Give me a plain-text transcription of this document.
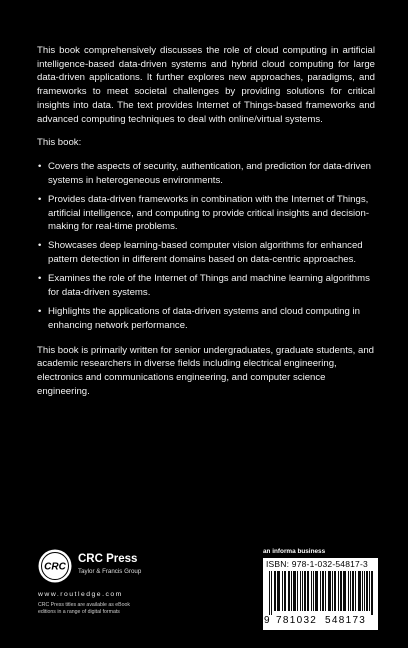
This book comprehensively discusses the role of cloud computing in artificial intelligence-based data-driven systems and hybrid cloud computing for large data-driven applications. It further explores new approaches, paradigms, and frameworks to meet societal challenges by providing solutions for critical insights into data. The text provides Internet of Things-based frameworks and advanced computing techniques to deal with online/virtual systems.

This book:

• Covers the aspects of security, authentication, and prediction for data-driven systems in heterogeneous environments.
• Provides data-driven frameworks in combination with the Internet of Things, artificial intelligence, and computing to provide critical insights and decision-making for real-time problems.
• Showcases deep learning-based computer vision algorithms for enhanced pattern detection in different domains based on data-centric approaches.
• Examines the role of the Internet of Things and machine learning algorithms for data-driven systems.
• Highlights the applications of data-driven systems and cloud computing in enhancing network performance.

This book is primarily written for senior undergraduates, graduate students, and academic researchers in diverse fields including electrical engineering, electronics and communications engineering, and computer science engineering.

CRC
CRC Press
Taylor & Francis Group
www.routledge.com
CRC Press titles are available as eBook editions in a range of digital formats
an informa business
ISBN: 978-1-032-54817-3
9 781032 548173
